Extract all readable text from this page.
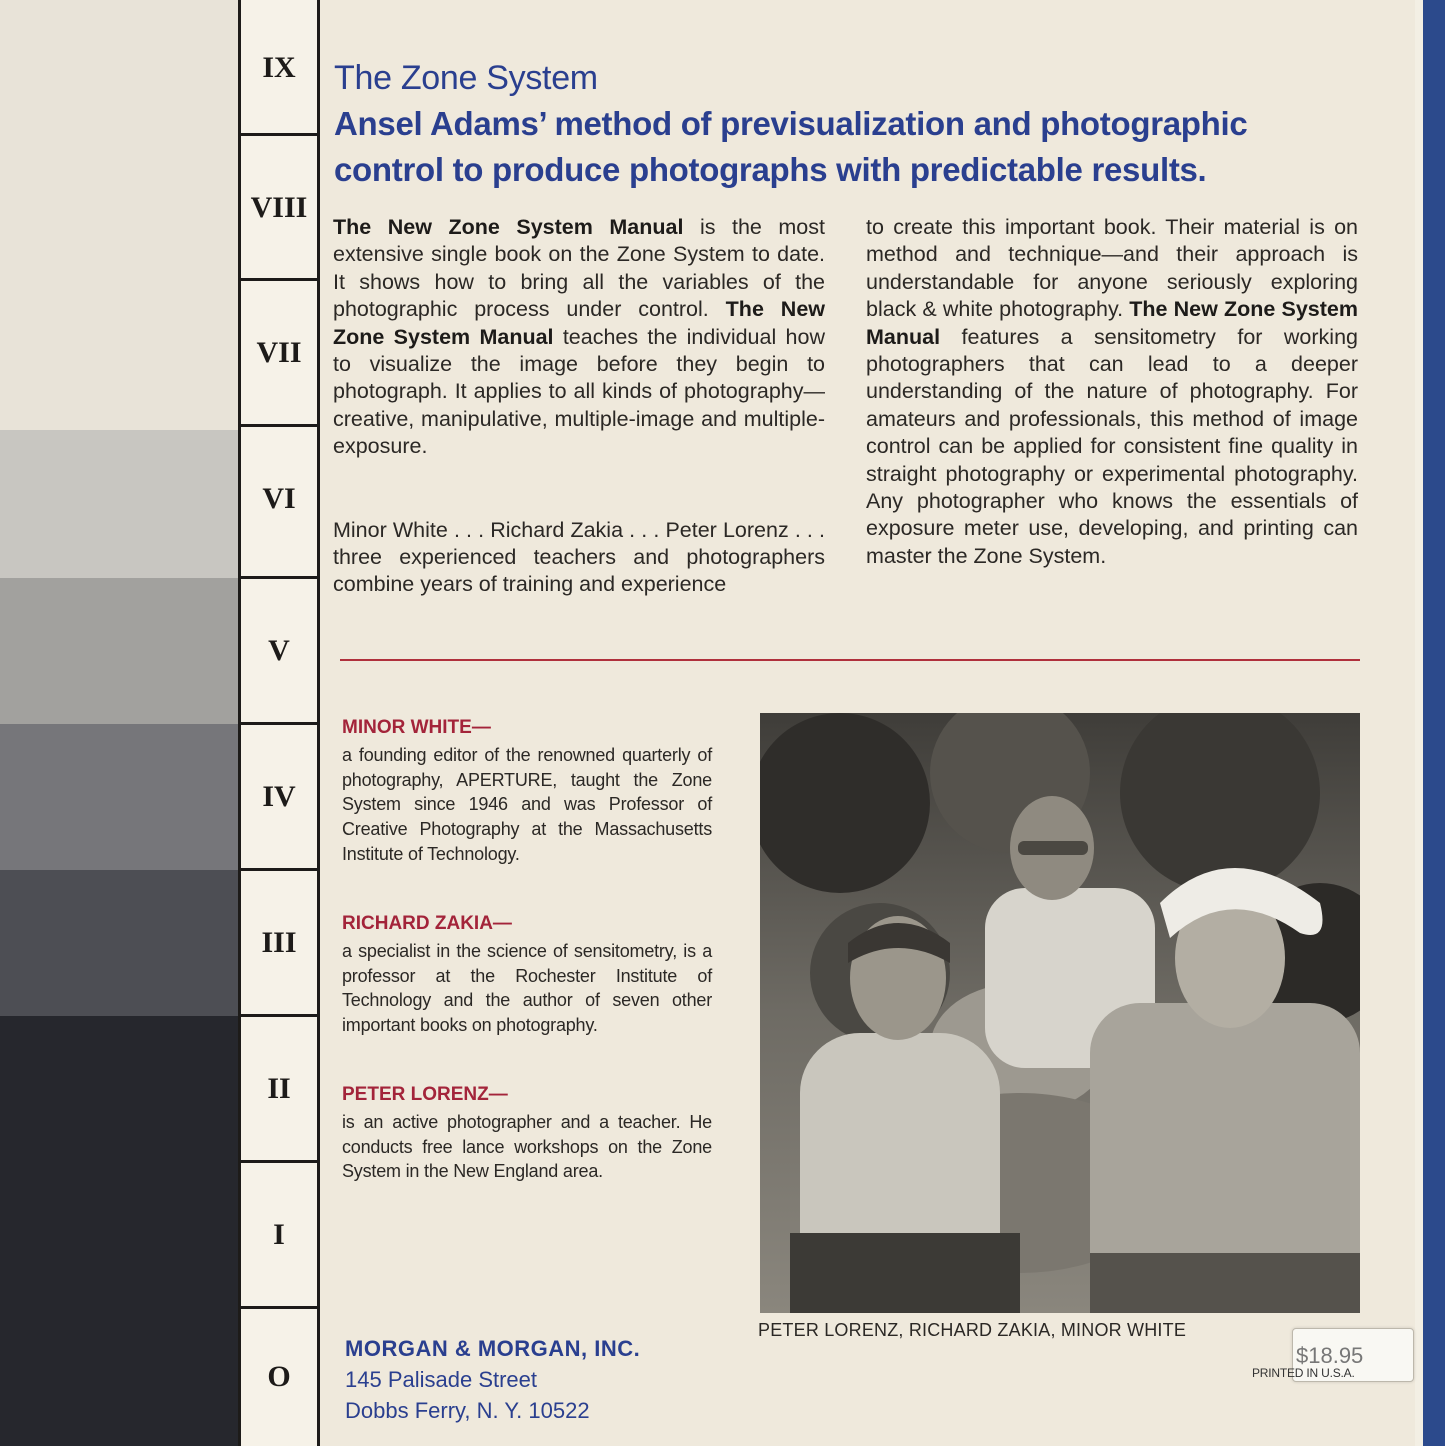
IX
VIII
VII
VI
V
IV
III
II
I
O
The Zone System
Ansel Adams’ method of previsualization and photographic
control to produce photographs with predictable results.

The New Zone System Manual is the most extensive single book on the Zone System to date. It shows how to bring all the variables of the photographic process under control. The New Zone System Manual teaches the individual how to visualize the image before they begin to photograph. It applies to all kinds of photography—creative, manipulative, multiple-image and multiple-exposure.

Minor White . . . Richard Zakia . . . Peter Lorenz . . . three experienced teachers and photographers combine years of training and experience

to create this important book. Their material is on method and technique—and their approach is understandable for anyone seriously exploring black & white photography. The New Zone System Manual features a sensitometry for working photographers that can lead to a deeper understanding of the nature of photography. For amateurs and professionals, this method of image control can be applied for consistent fine quality in straight photography or experimental photography. Any photographer who knows the essentials of exposure meter use, developing, and printing can master the Zone System.

MINOR WHITE—
a founding editor of the renowned quarterly of photography, APERTURE, taught the Zone System since 1946 and was Professor of Creative Photography at the Massachusetts Institute of Technology.
RICHARD ZAKIA—
a specialist in the science of sensitometry, is a professor at the Rochester Institute of Technology and the author of seven other important books on photography.
PETER LORENZ—
is an active photographer and a teacher. He conducts free lance workshops on the Zone System in the New England area.
PETER LORENZ, RICHARD ZAKIA, MINOR WHITE
MORGAN & MORGAN, INC.
145 Palisade Street
Dobbs Ferry, N. Y. 10522
$18.95
PRINTED IN U.S.A.
